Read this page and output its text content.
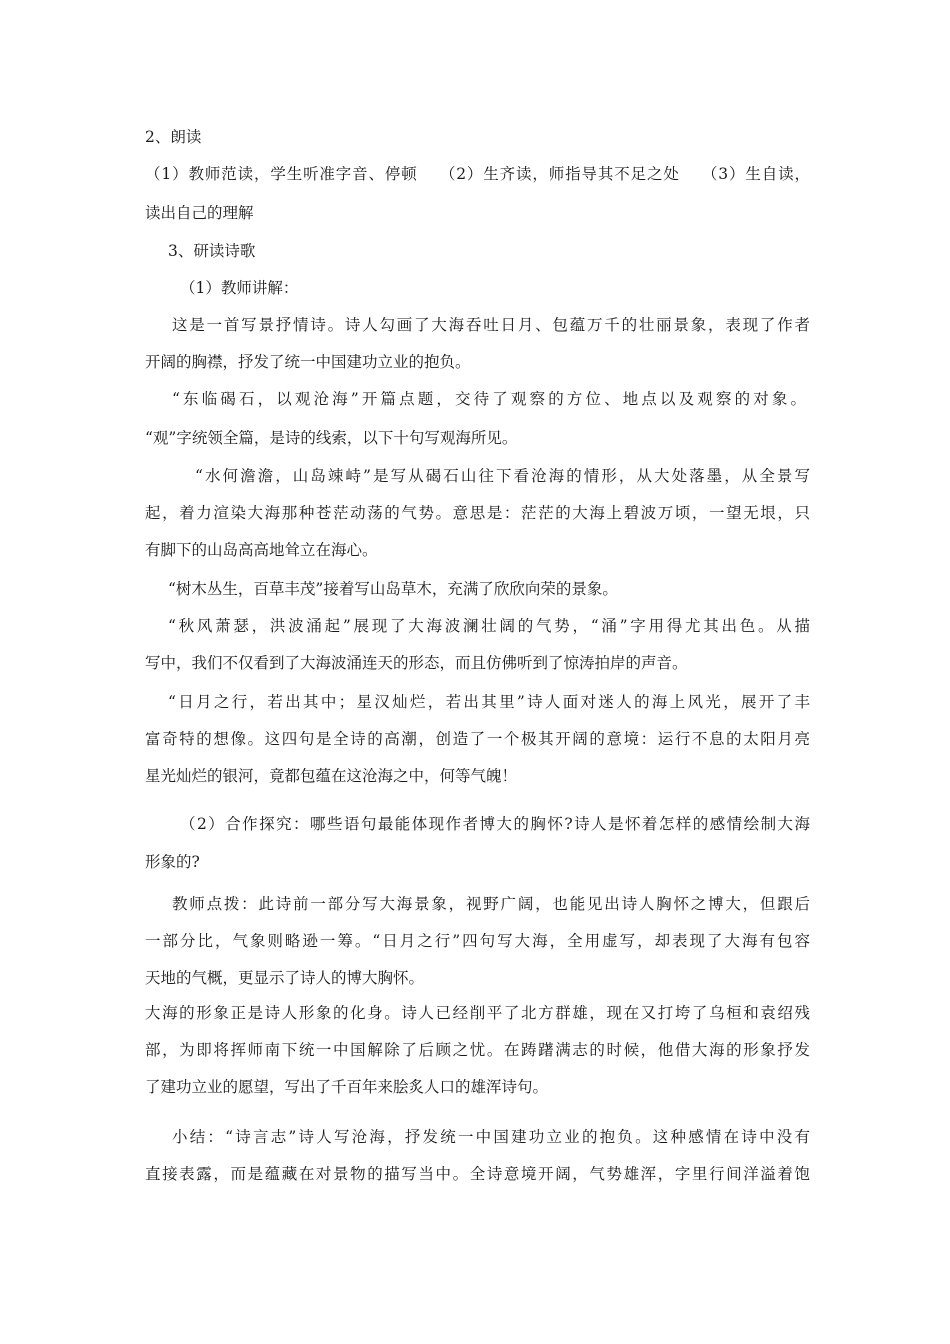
2、朗读

（1）教师范读，学生听准字音、停顿　 （2）生齐读，师指导其不足之处　 （3）生自读，

读出自己的理解

3、研读诗歌

（1）教师讲解：

这是一首写景抒情诗。诗人勾画了大海吞吐日月、包蕴万千的壮丽景象，表现了作者

开阔的胸襟，抒发了统一中国建功立业的抱负。

“东临碣石，以观沧海”开篇点题，交待了观察的方位、地点以及观察的对象。

“观”字统领全篇，是诗的线索，以下十句写观海所见。

“水何澹澹，山岛竦峙”是写从碣石山往下看沧海的情形，从大处落墨，从全景写

起，着力渲染大海那种苍茫动荡的气势。意思是：茫茫的大海上碧波万顷，一望无垠，只

有脚下的山岛高高地耸立在海心。

“树木丛生，百草丰茂”接着写山岛草木，充满了欣欣向荣的景象。

“秋风萧瑟，洪波涌起”展现了大海波澜壮阔的气势，“涌”字用得尤其出色。从描

写中，我们不仅看到了大海波涌连天的形态，而且仿佛听到了惊涛拍岸的声音。

“日月之行，若出其中；星汉灿烂，若出其里”诗人面对迷人的海上风光，展开了丰

富奇特的想像。这四句是全诗的高潮，创造了一个极其开阔的意境：运行不息的太阳月亮

星光灿烂的银河，竟都包蕴在这沧海之中，何等气魄！

（2）合作探究：哪些语句最能体现作者博大的胸怀?诗人是怀着怎样的感情绘制大海

形象的?

教师点拨：此诗前一部分写大海景象，视野广阔，也能见出诗人胸怀之博大，但跟后

一部分比，气象则略逊一筹。“日月之行”四句写大海，全用虚写，却表现了大海有包容

天地的气概，更显示了诗人的博大胸怀。

大海的形象正是诗人形象的化身。诗人已经削平了北方群雄，现在又打垮了乌桓和袁绍残

部，为即将挥师南下统一中国解除了后顾之忧。在踌躇满志的时候，他借大海的形象抒发

了建功立业的愿望，写出了千百年来脍炙人口的雄浑诗句。

小结：“诗言志”诗人写沧海，抒发统一中国建功立业的抱负。这种感情在诗中没有

直接表露，而是蕴藏在对景物的描写当中。全诗意境开阔，气势雄浑，字里行间洋溢着饱
